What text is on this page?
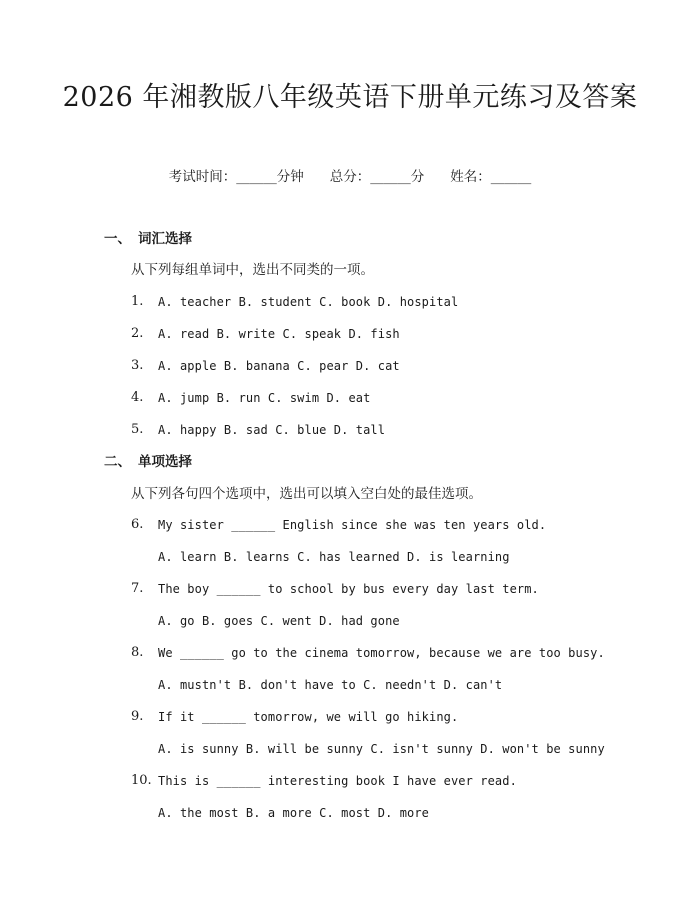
2026 年湘教版八年级英语下册单元练习及答案
考试时间：______分钟 总分：______分 姓名：______
一、 词汇选择
从下列每组单词中，选出不同类的一项。
1. A. teacher B. student C. book D. hospital
2. A. read B. write C. speak D. fish
3. A. apple B. banana C. pear D. cat
4. A. jump B. run C. swim D. eat
5. A. happy B. sad C. blue D. tall
二、 单项选择
从下列各句四个选项中，选出可以填入空白处的最佳选项。
6. My sister ______ English since she was ten years old.
A. learn B. learns C. has learned D. is learning
7. The boy ______ to school by bus every day last term.
A. go B. goes C. went D. had gone
8. We ______ go to the cinema tomorrow, because we are too busy.
A. mustn't B. don't have to C. needn't D. can't
9. If it ______ tomorrow, we will go hiking.
A. is sunny B. will be sunny C. isn't sunny D. won't be sunny
10. This is ______ interesting book I have ever read.
A. the most B. a more C. most D. more
